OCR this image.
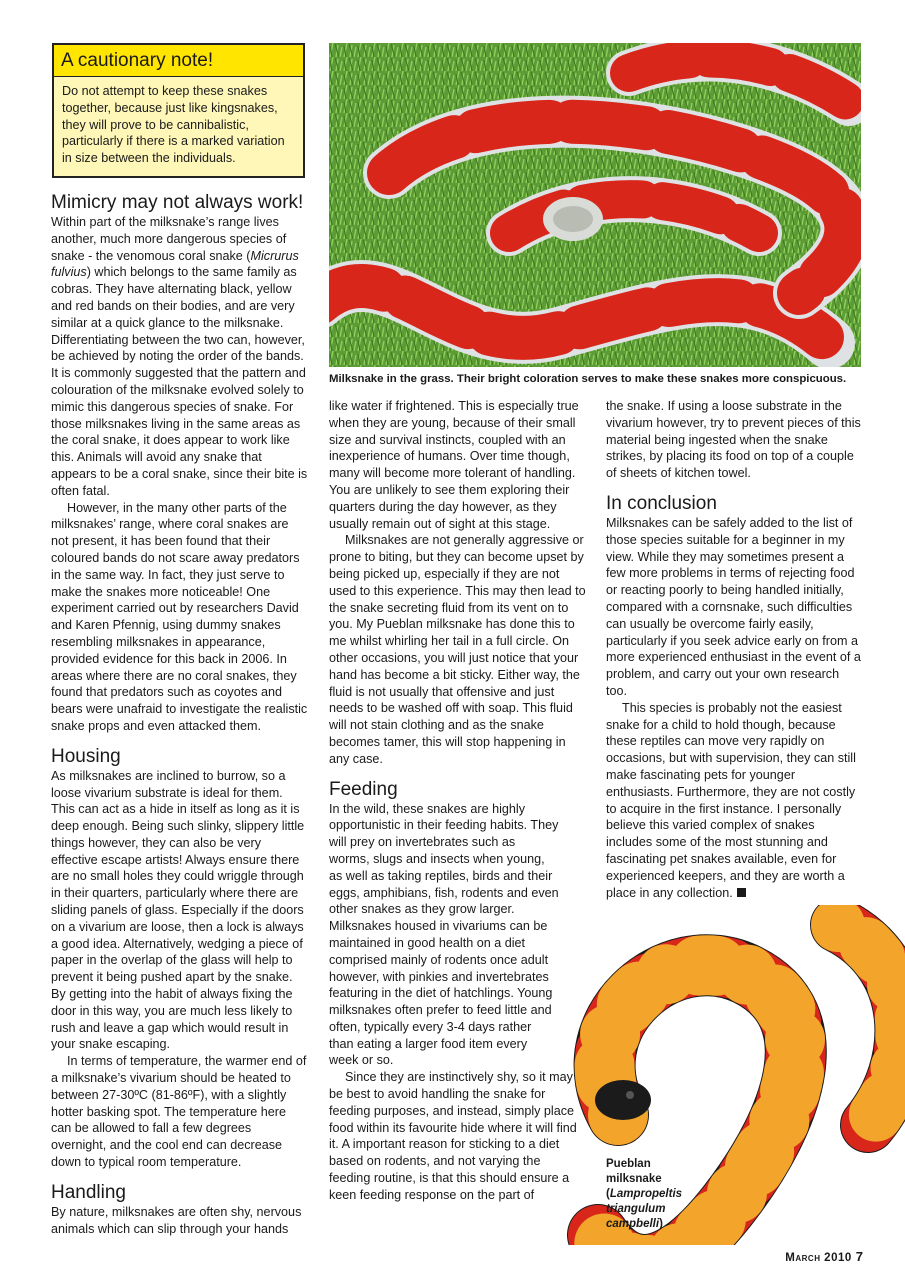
A cautionary note!
Do not attempt to keep these snakes together, because just like kingsnakes, they will prove to be cannibalistic, particularly if there is a marked variation in size between the individuals.
Milksnake in the grass. Their bright coloration serves to make these snakes more conspicuous.
Mimicry may not always work!

Within part of the milksnake’s range lives another, much more dangerous species of snake - the venomous coral snake (Micrurus fulvius) which belongs to the same family as cobras. They have alternating black, yellow and red bands on their bodies, and are very similar at a quick glance to the milksnake. Differentiating between the two can, however, be achieved by noting the order of the bands. It is commonly suggested that the pattern and colouration of the milksnake evolved solely to mimic this dangerous species of snake. For those milksnakes living in the same areas as the coral snake, it does appear to work like this. Animals will avoid any snake that appears to be a coral snake, since their bite is often fatal.

However, in the many other parts of the milksnakes’ range, where coral snakes are not present, it has been found that their coloured bands do not scare away predators in the same way. In fact, they just serve to make the snakes more noticeable! One experiment carried out by researchers David and Karen Pfennig, using dummy snakes resembling milksnakes in appearance, provided evidence for this back in 2006. In areas where there are no coral snakes, they found that predators such as coyotes and bears were unafraid to investigate the realistic snake props and even attacked them.

Housing

As milksnakes are inclined to burrow, so a loose vivarium substrate is ideal for them. This can act as a hide in itself as long as it is deep enough. Being such slinky, slippery little things however, they can also be very effective escape artists! Always ensure there are no small holes they could wriggle through in their quarters, particularly where there are sliding panels of glass. Especially if the doors on a vivarium are loose, then a lock is always a good idea. Alternatively, wedging a piece of paper in the overlap of the glass will help to prevent it being pushed apart by the snake. By getting into the habit of always fixing the door in this way, you are much less likely to rush and leave a gap which would result in your snake escaping.

In terms of temperature, the warmer end of a milksnake’s vivarium should be heated to between 27-30ºC (81-86ºF), with a slightly hotter basking spot. The temperature here can be allowed to fall a few degrees overnight, and the cool end can decrease down to typical room temperature.

Handling

By nature, milksnakes are often shy, nervous animals which can slip through your hands

like water if frightened. This is especially true when they are young, because of their small size and survival instincts, coupled with an inexperience of humans. Over time though, many will become more tolerant of handling. You are unlikely to see them exploring their quarters during the day however, as they usually remain out of sight at this stage.

Milksnakes are not generally aggressive or prone to biting, but they can become upset by being picked up, especially if they are not used to this experience. This may then lead to the snake secreting fluid from its vent on to you. My Pueblan milksnake has done this to me whilst whirling her tail in a full circle. On other occasions, you will just notice that your hand has become a bit sticky. Either way, the fluid is not usually that offensive and just needs to be washed off with soap. This fluid will not stain clothing and as the snake becomes tamer, this will stop happening in any case.

Feeding

In the wild, these snakes are highly opportunistic in their feeding habits. They will prey on invertebrates such as worms, slugs and insects when young, as well as taking reptiles, birds and their eggs, amphibians, fish, rodents and even other snakes as they grow larger. Milksnakes housed in vivariums can be maintained in good health on a diet comprised mainly of rodents once adult however, with pinkies and invertebrates featuring in the diet of hatchlings. Young milksnakes often prefer to feed little and often, typically every 3-4 days rather than eating a larger food item every week or so.

Since they are instinctively shy, so it may be best to avoid handling the snake for feeding purposes, and instead, simply place food within its favourite hide where it will find it. A important reason for sticking to a diet based on rodents, and not varying the feeding routine, is that this should ensure a keen feeding response on the part of

the snake. If using a loose substrate in the vivarium however, try to prevent pieces of this material being ingested when the snake strikes, by placing its food on top of a couple of sheets of kitchen towel.

In conclusion

Milksnakes can be safely added to the list of those species suitable for a beginner in my view. While they may sometimes present a few more problems in terms of rejecting food or reacting poorly to being handled initially, compared with a cornsnake, such difficulties can usually be overcome fairly easily, particularly if you seek advice early on from a more experienced enthusiast in the event of a problem, and carry out your own research too.

This species is probably not the easiest snake for a child to hold though, because these reptiles can move very rapidly on occasions, but with supervision, they can still make fascinating pets for younger enthusiasts. Furthermore, they are not costly to acquire in the first instance. I personally believe this varied complex of snakes includes some of the most stunning and fascinating pet snakes available, even for experienced keepers, and they are worth a place in any collection.

Pueblan milksnake (Lampropeltis triangulum campbelli)
March 2010 7
